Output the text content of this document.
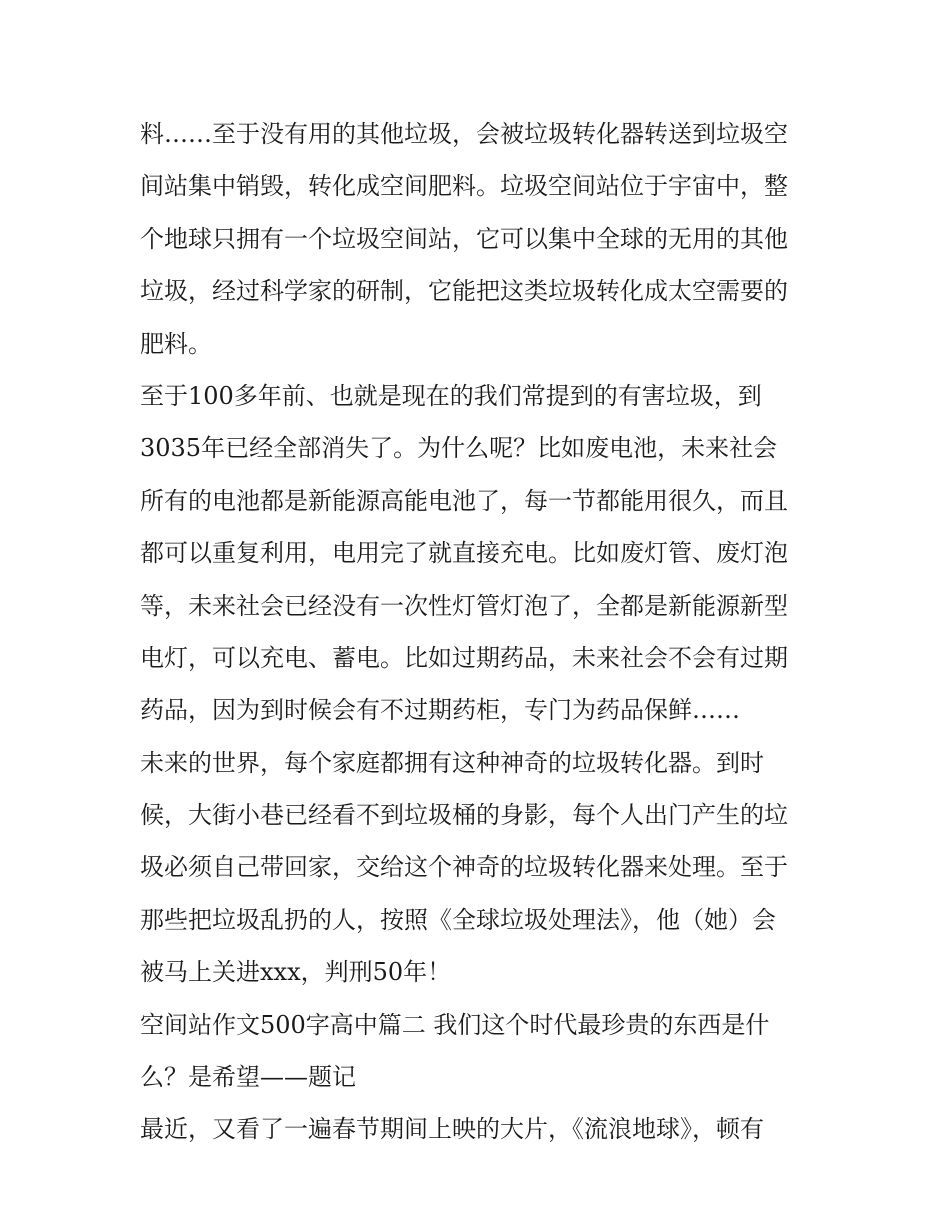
料……至于没有用的其他垃圾，会被垃圾转化器转送到垃圾空
间站集中销毁，转化成空间肥料。垃圾空间站位于宇宙中，整
个地球只拥有一个垃圾空间站，它可以集中全球的无用的其他
垃圾，经过科学家的研制，它能把这类垃圾转化成太空需要的
肥料。
至于100多年前、也就是现在的我们常提到的有害垃圾，到
3035年已经全部消失了。为什么呢？比如废电池，未来社会
所有的电池都是新能源高能电池了，每一节都能用很久，而且
都可以重复利用，电用完了就直接充电。比如废灯管、废灯泡
等，未来社会已经没有一次性灯管灯泡了，全都是新能源新型
电灯，可以充电、蓄电。比如过期药品，未来社会不会有过期
药品，因为到时候会有不过期药柜，专门为药品保鲜……
未来的世界，每个家庭都拥有这种神奇的垃圾转化器。到时
候，大街小巷已经看不到垃圾桶的身影，每个人出门产生的垃
圾必须自己带回家，交给这个神奇的垃圾转化器来处理。至于
那些把垃圾乱扔的人，按照《全球垃圾处理法》，他（她）会
被马上关进xxx，判刑50年！
空间站作文500字高中篇二 我们这个时代最珍贵的东西是什
么？是希望——题记
最近，又看了一遍春节期间上映的大片，《流浪地球》，顿有
